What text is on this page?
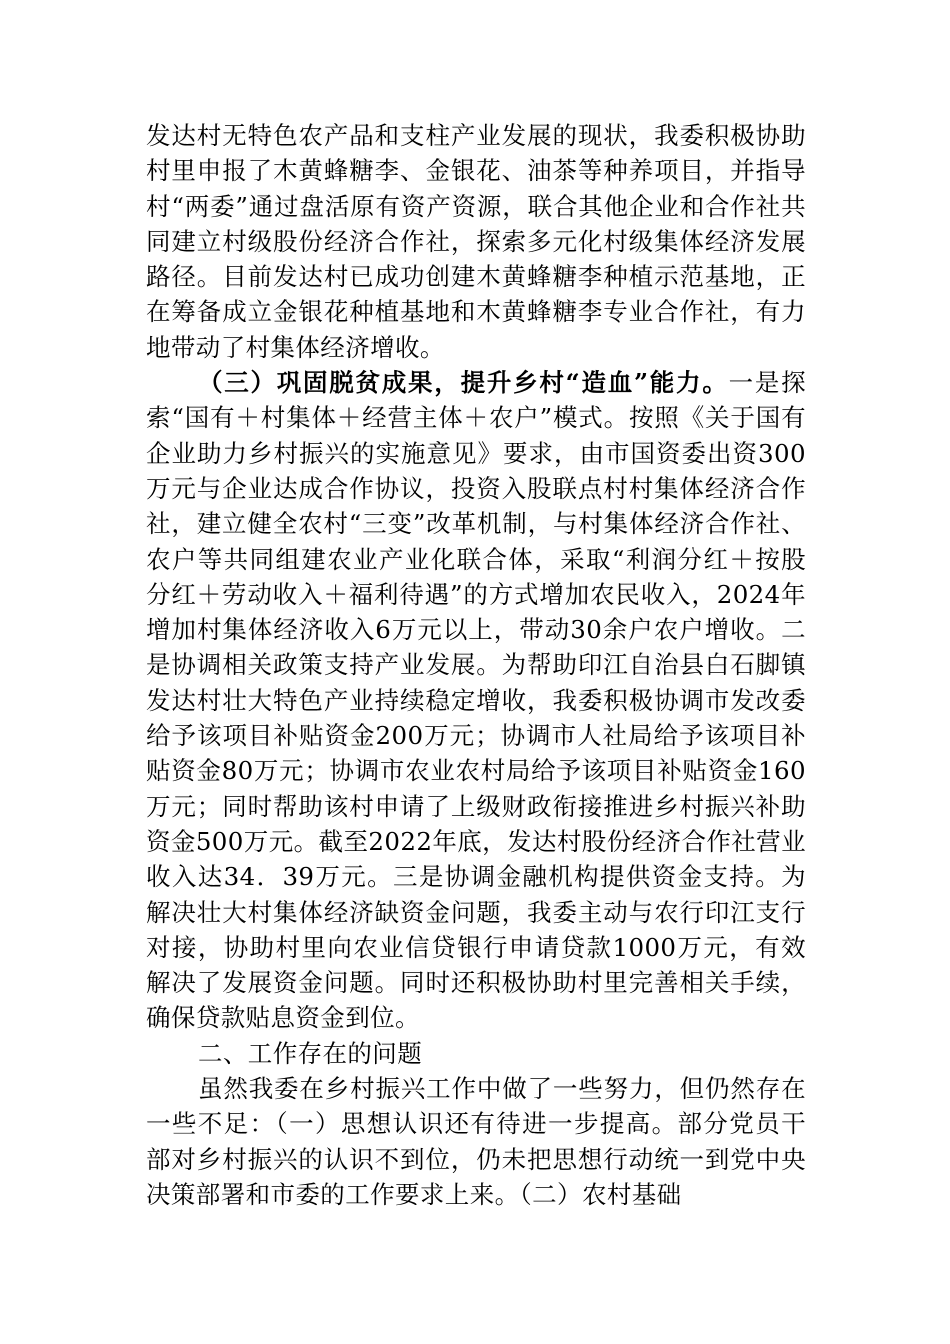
发达村无特色农产品和支柱产业发展的现状，我委积极协助村里申报了木黄蜂糖李、金银花、油茶等种养项目，并指导村“两委”通过盘活原有资产资源，联合其他企业和合作社共同建立村级股份经济合作社，探索多元化村级集体经济发展路径。目前发达村已成功创建木黄蜂糖李种植示范基地，正在筹备成立金银花种植基地和木黄蜂糖李专业合作社，有力地带动了村集体经济增收。

（三）巩固脱贫成果，提升乡村“造血”能力。一是探索“国有＋村集体＋经营主体＋农户”模式。按照《关于国有企业助力乡村振兴的实施意见》要求，由市国资委出资300万元与企业达成合作协议，投资入股联点村村集体经济合作社，建立健全农村“三变”改革机制，与村集体经济合作社、农户等共同组建农业产业化联合体，采取“利润分红＋按股分红＋劳动收入＋福利待遇”的方式增加农民收入，2024年增加村集体经济收入6万元以上，带动30余户农户增收。二是协调相关政策支持产业发展。为帮助印江自治县白石脚镇发达村壮大特色产业持续稳定增收，我委积极协调市发改委给予该项目补贴资金200万元；协调市人社局给予该项目补贴资金80万元；协调市农业农村局给予该项目补贴资金160万元；同时帮助该村申请了上级财政衔接推进乡村振兴补助资金500万元。截至2022年底，发达村股份经济合作社营业收入达34．39万元。三是协调金融机构提供资金支持。为解决壮大村集体经济缺资金问题，我委主动与农行印江支行对接，协助村里向农业信贷银行申请贷款1000万元，有效解决了发展资金问题。同时还积极协助村里完善相关手续，确保贷款贴息资金到位。

二、工作存在的问题

虽然我委在乡村振兴工作中做了一些努力，但仍然存在一些不足：（一）思想认识还有待进一步提高。部分党员干部对乡村振兴的认识不到位，仍未把思想行动统一到党中央决策部署和市委的工作要求上来。（二）农村基础
